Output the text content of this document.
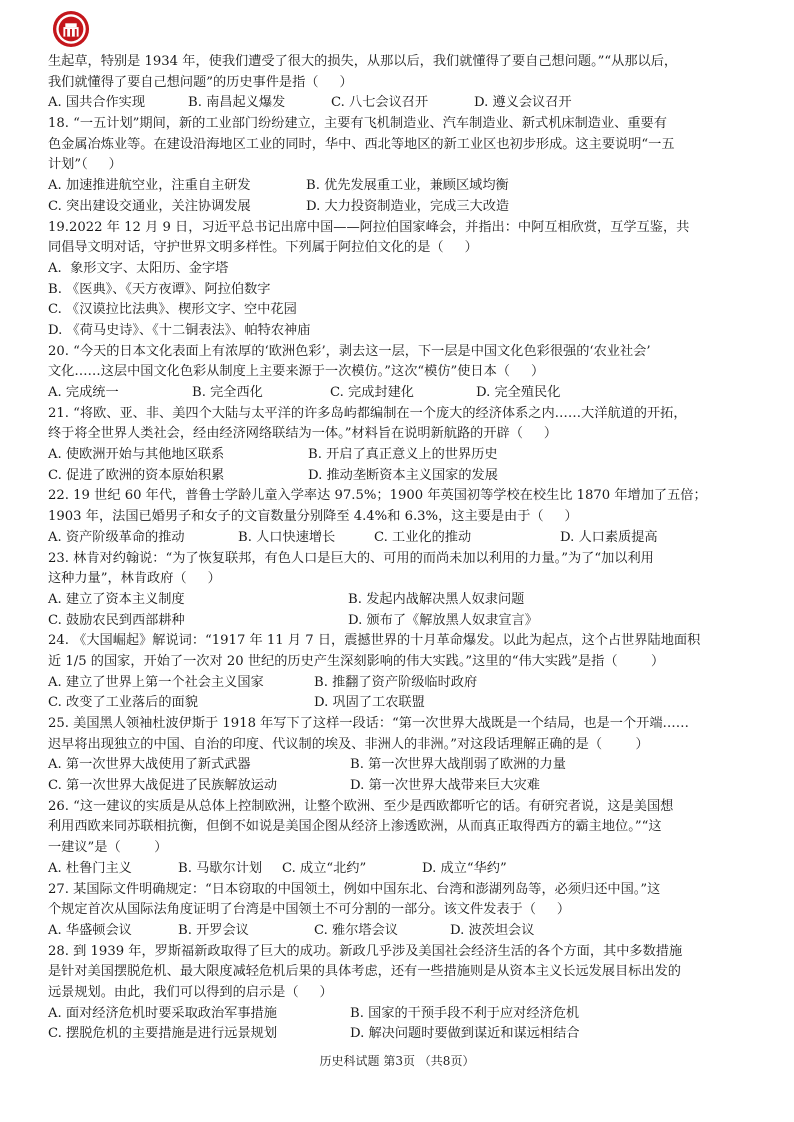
生起草，特别是 1934 年，使我们遭受了很大的损失，从那以后，我们就懂得了要自己想问题。”“从那以后，
我们就懂得了要自己想问题”的历史事件是指（     ）
A. 国共合作实现	B. 南昌起义爆发	C. 八七会议召开	D. 遵义会议召开
18. “一五计划”期间，新的工业部门纷纷建立，主要有飞机制造业、汽车制造业、新式机床制造业、重要有
色金属冶炼业等。在建设沿海地区工业的同时，华中、西北等地区的新工业区也初步形成。这主要说明“一五
计划”（     ）
A. 加速推进航空业，注重自主研发	B. 优先发展重工业，兼顾区域均衡
C. 突出建设交通业，关注协调发展	D. 大力投资制造业，完成三大改造
19.2022 年 12 月 9 日，习近平总书记出席中国——阿拉伯国家峰会，并指出：中阿互相欣赏，互学互鉴，共
同倡导文明对话，守护世界文明多样性。下列属于阿拉伯文化的是（     ）
A.  象形文字、太阳历、金字塔
B. 《医典》、《天方夜谭》、阿拉伯数字
C. 《汉谟拉比法典》、楔形文字、空中花园
D. 《荷马史诗》、《十二铜表法》、帕特农神庙
20. “今天的日本文化表面上有浓厚的‘欧洲色彩’，剥去这一层，下一层是中国文化色彩很强的‘农业社会’
文化……这层中国文化色彩从制度上主要来源于一次模仿。”这次“模仿”使日本（     ）
A. 完成统一	B. 完全西化	C. 完成封建化	D. 完全殖民化
21. “将欧、亚、非、美四个大陆与太平洋的许多岛屿都编制在一个庞大的经济体系之内……大洋航道的开拓，
终于将全世界人类社会，经由经济网络联结为一体。”材料旨在说明新航路的开辟（     ）
A. 使欧洲开始与其他地区联系	B. 开启了真正意义上的世界历史
C. 促进了欧洲的资本原始积累	D. 推动垄断资本主义国家的发展
22. 19 世纪 60 年代，普鲁士学龄儿童入学率达 97.5%；1900 年英国初等学校在校生比 1870 年增加了五倍；
1903 年，法国已婚男子和女子的文盲数量分别降至 4.4%和 6.3%，这主要是由于（     ）
A. 资产阶级革命的推动	B. 人口快速增长	C. 工业化的推动	D. 人口素质提高
23. 林肯对约翰说：“为了恢复联邦，有色人口是巨大的、可用的而尚未加以利用的力量。”为了“加以利用
这种力量”，林肯政府（     ）
A. 建立了资本主义制度	B. 发起内战解决黑人奴隶问题
C. 鼓励农民到西部耕种	D. 颁布了《解放黑人奴隶宣言》
24. 《大国崛起》解说词：“1917 年 11 月 7 日，震撼世界的十月革命爆发。以此为起点，这个占世界陆地面积
近 1/5 的国家，开始了一次对 20 世纪的历史产生深刻影响的伟大实践。”这里的“伟大实践”是指（        ）
A. 建立了世界上第一个社会主义国家	B. 推翻了资产阶级临时政府
C. 改变了工业落后的面貌	D. 巩固了工农联盟
25. 美国黑人领袖杜波伊斯于 1918 年写下了这样一段话：“第一次世界大战既是一个结局，也是一个开端……
迟早将出现独立的中国、自治的印度、代议制的埃及、非洲人的非洲。”对这段话理解正确的是（        ）
A. 第一次世界大战使用了新式武器	B. 第一次世界大战削弱了欧洲的力量
C. 第一次世界大战促进了民族解放运动	D. 第一次世界大战带来巨大灾难
26. “这一建议的实质是从总体上控制欧洲，让整个欧洲、至少是西欧都听它的话。有研究者说，这是美国想
利用西欧来同苏联相抗衡，但倒不如说是美国企图从经济上渗透欧洲，从而真正取得西方的霸主地位。”“这
一建议”是（        ）
A. 杜鲁门主义	B. 马歇尔计划	C. 成立“北约”	D. 成立“华约”
27. 某国际文件明确规定：“日本窃取的中国领土，例如中国东北、台湾和澎湖列岛等，必须归还中国。”这
个规定首次从国际法角度证明了台湾是中国领土不可分割的一部分。该文件发表于（     ）
A. 华盛顿会议	B. 开罗会议	C. 雅尔塔会议	D. 波茨坦会议
28. 到 1939 年，罗斯福新政取得了巨大的成功。新政几乎涉及美国社会经济生活的各个方面，其中多数措施
是针对美国摆脱危机、最大限度减轻危机后果的具体考虑，还有一些措施则是从资本主义长远发展目标出发的
远景规划。由此，我们可以得到的启示是（     ）
A. 面对经济危机时要采取政治军事措施	B. 国家的干预手段不利于应对经济危机
C. 摆脱危机的主要措施是进行远景规划	D. 解决问题时要做到谋近和谋远相结合
历史科试题 第3页 （共8页）
